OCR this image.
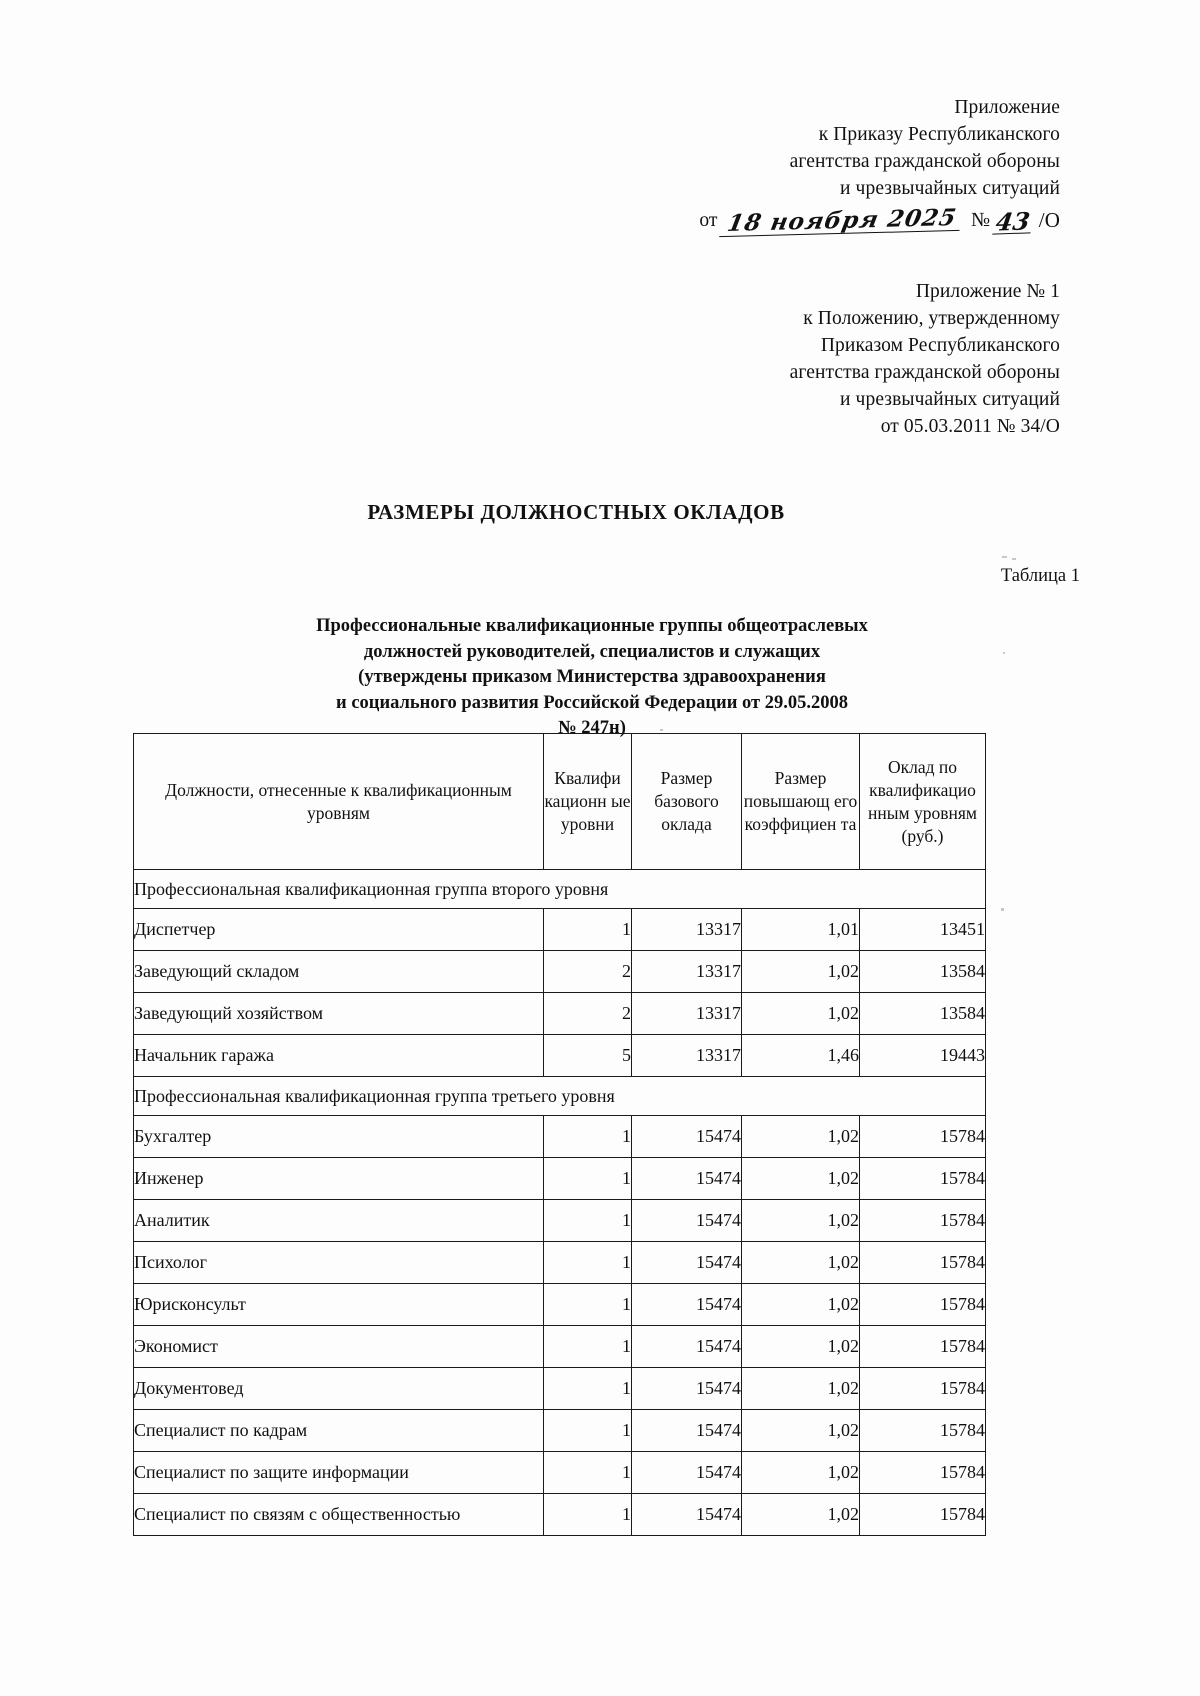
Приложение
к Приказу Республиканского
агентства гражданской обороны
и чрезвычайных ситуаций
от 18 ноября 2025 № 43 /О
Приложение № 1
к Положению, утвержденному
Приказом Республиканского
агентства гражданской обороны
и чрезвычайных ситуаций
от 05.03.2011 № 34/О
РАЗМЕРЫ ДОЛЖНОСТНЫХ ОКЛАДОВ
Таблица 1
Профессиональные квалификационные группы общеотраслевых
должностей руководителей, специалистов и служащих
(утверждены приказом Министерства здравоохранения
и социального развития Российской Федерации от 29.05.2008
№ 247н)
Должности, отнесенные к квалификационным уровням	Квалифи кационн ые уровни	Размер базового оклада	Размер повышающ его коэффициен та	Оклад по квалификацио нным уровням (руб.)
Профессиональная квалификационная группа второго уровня				
Диспетчер	1	13317	1,01	13451
Заведующий складом	2	13317	1,02	13584
Заведующий хозяйством	2	13317	1,02	13584
Начальник гаража	5	13317	1,46	19443
Профессиональная квалификационная группа третьего уровня				
Бухгалтер	1	15474	1,02	15784
Инженер	1	15474	1,02	15784
Аналитик	1	15474	1,02	15784
Психолог	1	15474	1,02	15784
Юрисконсульт	1	15474	1,02	15784
Экономист	1	15474	1,02	15784
Документовед	1	15474	1,02	15784
Специалист по кадрам	1	15474	1,02	15784
Специалист по защите информации	1	15474	1,02	15784
Специалист по связям с общественностью	1	15474	1,02	15784
